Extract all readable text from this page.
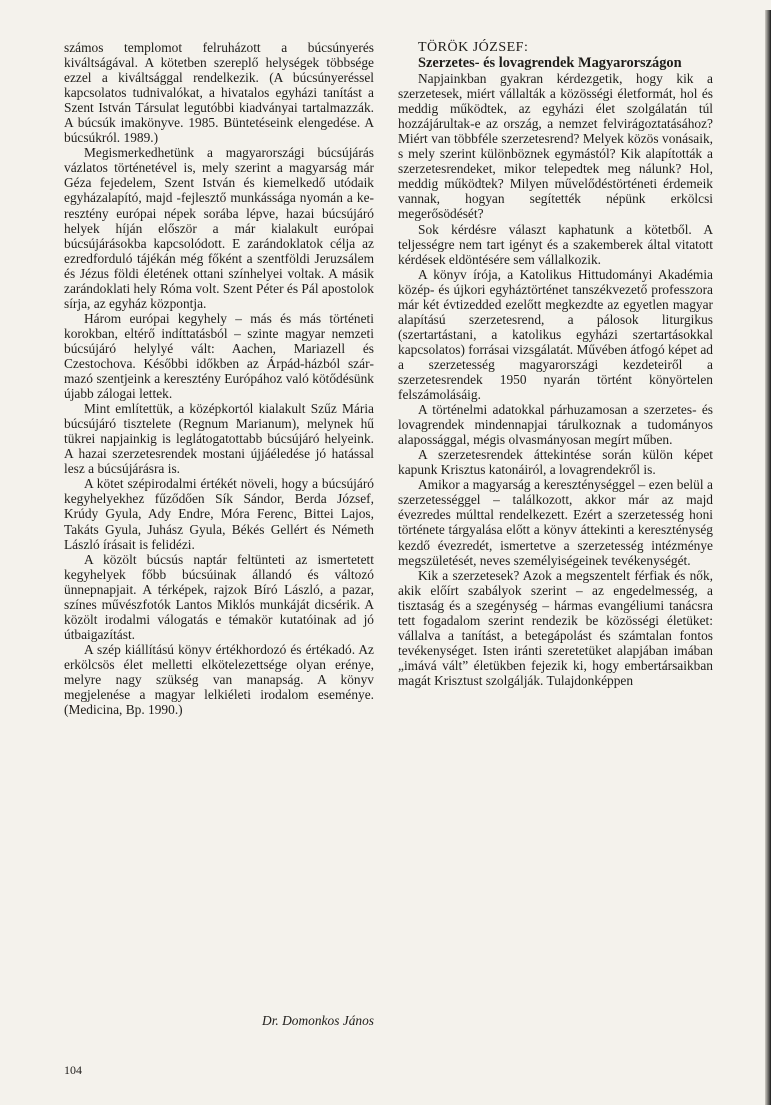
számos templomot felruházott a búcsúnyerés kiváltságával. A kötetben szereplő helységek többsége ezzel a kiváltsággal rendelkezik. (A búcsúnyeréssel kapcsolatos tudnivalókat, a hivatalos egyházi tanítást a Szent István Társulat legutóbbi kiadványai tartalmazzák. A búcsúk imakönyve. 1985. Büntetéseink elengedése. A búcsúkról. 1989.)

Megismerkedhetünk a magyarországi búcsújárás vázlatos történetével is, mely szerint a magyarság már Géza fejedelem, Szent István és kiemelkedő utódaik egyházalapító, majd -fejlesztő munkássága nyomán a keresztény európai népek sorába lépve, hazai búcsújáró helyek híján először a már kialakult európai búcsújárásokba kapcsolódott. E zarándoklatok célja az ezredforduló tájékán még főként a szentföldi Jeruzsálem és Jézus földi életének ottani színhelyei voltak. A másik zarándoklati hely Róma volt. Szent Péter és Pál apostolok sírja, az egyház központja.

Három európai kegyhely – más és más történeti korokban, eltérő indíttatásból – szinte magyar nemzeti búcsújáró helylyé vált: Aachen, Mariazell és Czestochova. Későbbi időkben az Árpád-házból származó szentjeink a keresztény Európához való kötődésünk újabb zálogai lettek.

Mint említettük, a középkortól kialakult Szűz Mária búcsújáró tisztelete (Regnum Marianum), melynek hű tükrei napjainkig is leglátogatottabb búcsújáró helyeink. A hazai szerzetesrendek mostani újjáéledése jó hatással lesz a búcsújárásra is.

A kötet szépirodalmi értékét növeli, hogy a búcsújáró kegyhelyekhez fűződően Sík Sándor, Berda József, Krúdy Gyula, Ady Endre, Móra Ferenc, Bittei Lajos, Takáts Gyula, Juhász Gyula, Békés Gellért és Németh László írásait is felidézi.

A közölt búcsús naptár feltünteti az ismertetett kegyhelyek főbb búcsúinak állandó és változó ünnepnapjait. A térképek, rajzok Bíró László, a pazar, színes művészfotók Lantos Miklós munkáját dicsérik. A közölt irodalmi válogatás e témakör kutatóinak ad jó útbaigazítást.

A szép kiállítású könyv értékhordozó és értékadó. Az erkölcsös élet melletti elkötelezettsége olyan erénye, melyre nagy szükség van manapság. A könyv megjelenése a magyar lelkiéleti irodalom eseménye. (Medicina, Bp. 1990.)

Dr. Domonkos János

TÖRÖK JÓZSEF:

Szerzetes- és lovagrendek Magyarországon

Napjainkban gyakran kérdezgetik, hogy kik a szerzetesek, miért vállalták a közösségi életformát, hol és meddig működtek, az egyházi élet szolgálatán túl hozzájárultak-e az ország, a nemzet felvirágoztatásához? Miért van többféle szerzetesrend? Melyek közös vonásaik, s mely szerint különböznek egymástól? Kik alapították a szerzetesrendeket, mikor telepedtek meg nálunk? Hol, meddig működtek? Milyen művelődéstörténeti érdemeik vannak, hogyan segítették népünk erkölcsi megerősödését?

Sok kérdésre választ kaphatunk a kötetből. A teljességre nem tart igényt és a szakemberek által vitatott kérdések eldöntésére sem vállalkozik.

A könyv írója, a Katolikus Hittudományi Akadémia közép- és újkori egyháztörténet tanszékvezető professzora már két évtizedded ezelőtt megkezdte az egyetlen magyar alapítású szerzetesrend, a pálosok liturgikus (szertartástani, a katolikus egyházi szertartásokkal kapcsolatos) forrásai vizsgálatát. Művében átfogó képet ad a szerzetesség magyarországi kezdeteiről a szerzetesrendek 1950 nyarán történt könyörtelen felszámolásáig.

A történelmi adatokkal párhuzamosan a szerzetes- és lovagrendek mindennapjai tárulkoznak a tudományos alapossággal, mégis olvasmányosan megírt műben.

A szerzetesrendek áttekintése során külön képet kapunk Krisztus katonáiról, a lovagrendekről is.

Amikor a magyarság a kereszténységgel – ezen belül a szerzetességgel – találkozott, akkor már az majd évezredes múlttal rendelkezett. Ezért a szerzetesség honi története tárgyalása előtt a könyv áttekinti a kereszténység kezdő évezredét, ismertetve a szerzetesség intézménye megszületését, neves személyiségeinek tevékenységét.

Kik a szerzetesek? Azok a megszentelt férfiak és nők, akik előírt szabályok szerint – az engedelmesség, a tisztaság és a szegénység – hármas evangéliumi tanácsra tett fogadalom szerint rendezik be közösségi életüket: vállalva a tanítást, a betegápolást és számtalan fontos tevékenységet. Isten iránti szeretetüket alapjában imában „imává vált” életükben fejezik ki, hogy embertársaikban magát Krisztust szolgálják. Tulajdonképpen

104
